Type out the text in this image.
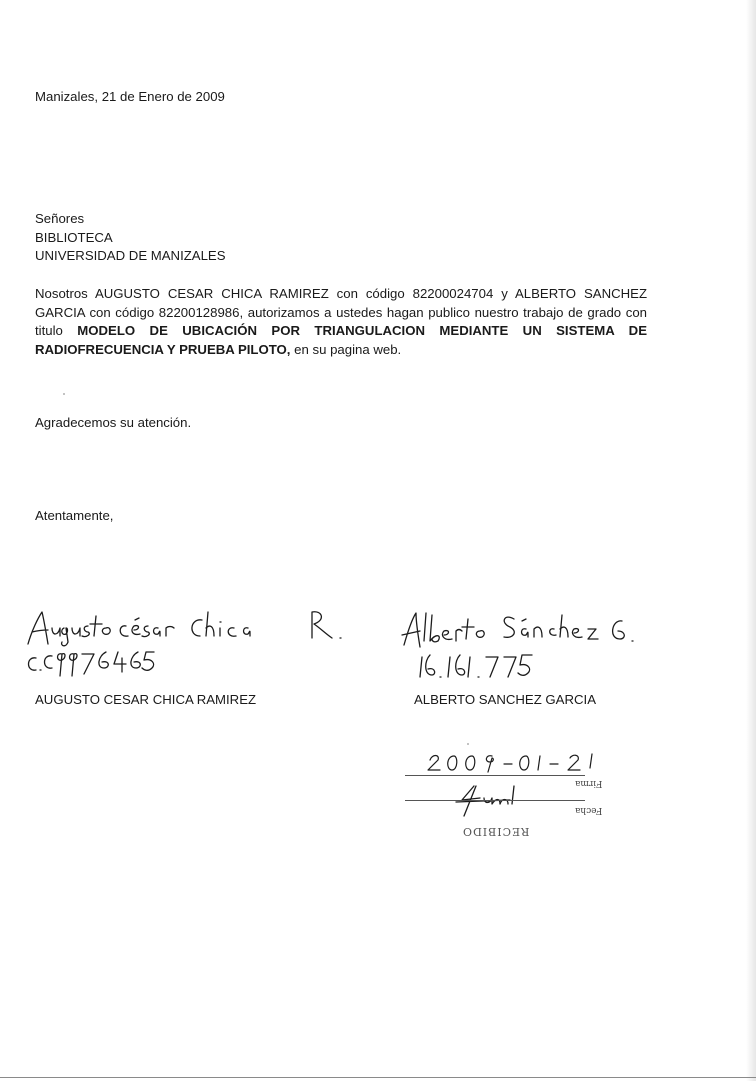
Manizales, 21 de Enero de 2009
Señores
BIBLIOTECA
UNIVERSIDAD DE MANIZALES
Nosotros AUGUSTO CESAR CHICA RAMIREZ con código 82200024704 y ALBERTO SANCHEZ GARCIA con código 82200128986, autorizamos a ustedes hagan publico nuestro trabajo de grado con titulo MODELO DE UBICACIÓN POR TRIANGULACION MEDIANTE UN SISTEMA DE RADIOFRECUENCIA Y PRUEBA PILOTO, en su pagina web.
Agradecemos su atención.
Atentamente,
AUGUSTO CESAR CHICA RAMIREZ	ALBERTO SANCHEZ GARCIA
Firma
Fecha
RECIBIDO
